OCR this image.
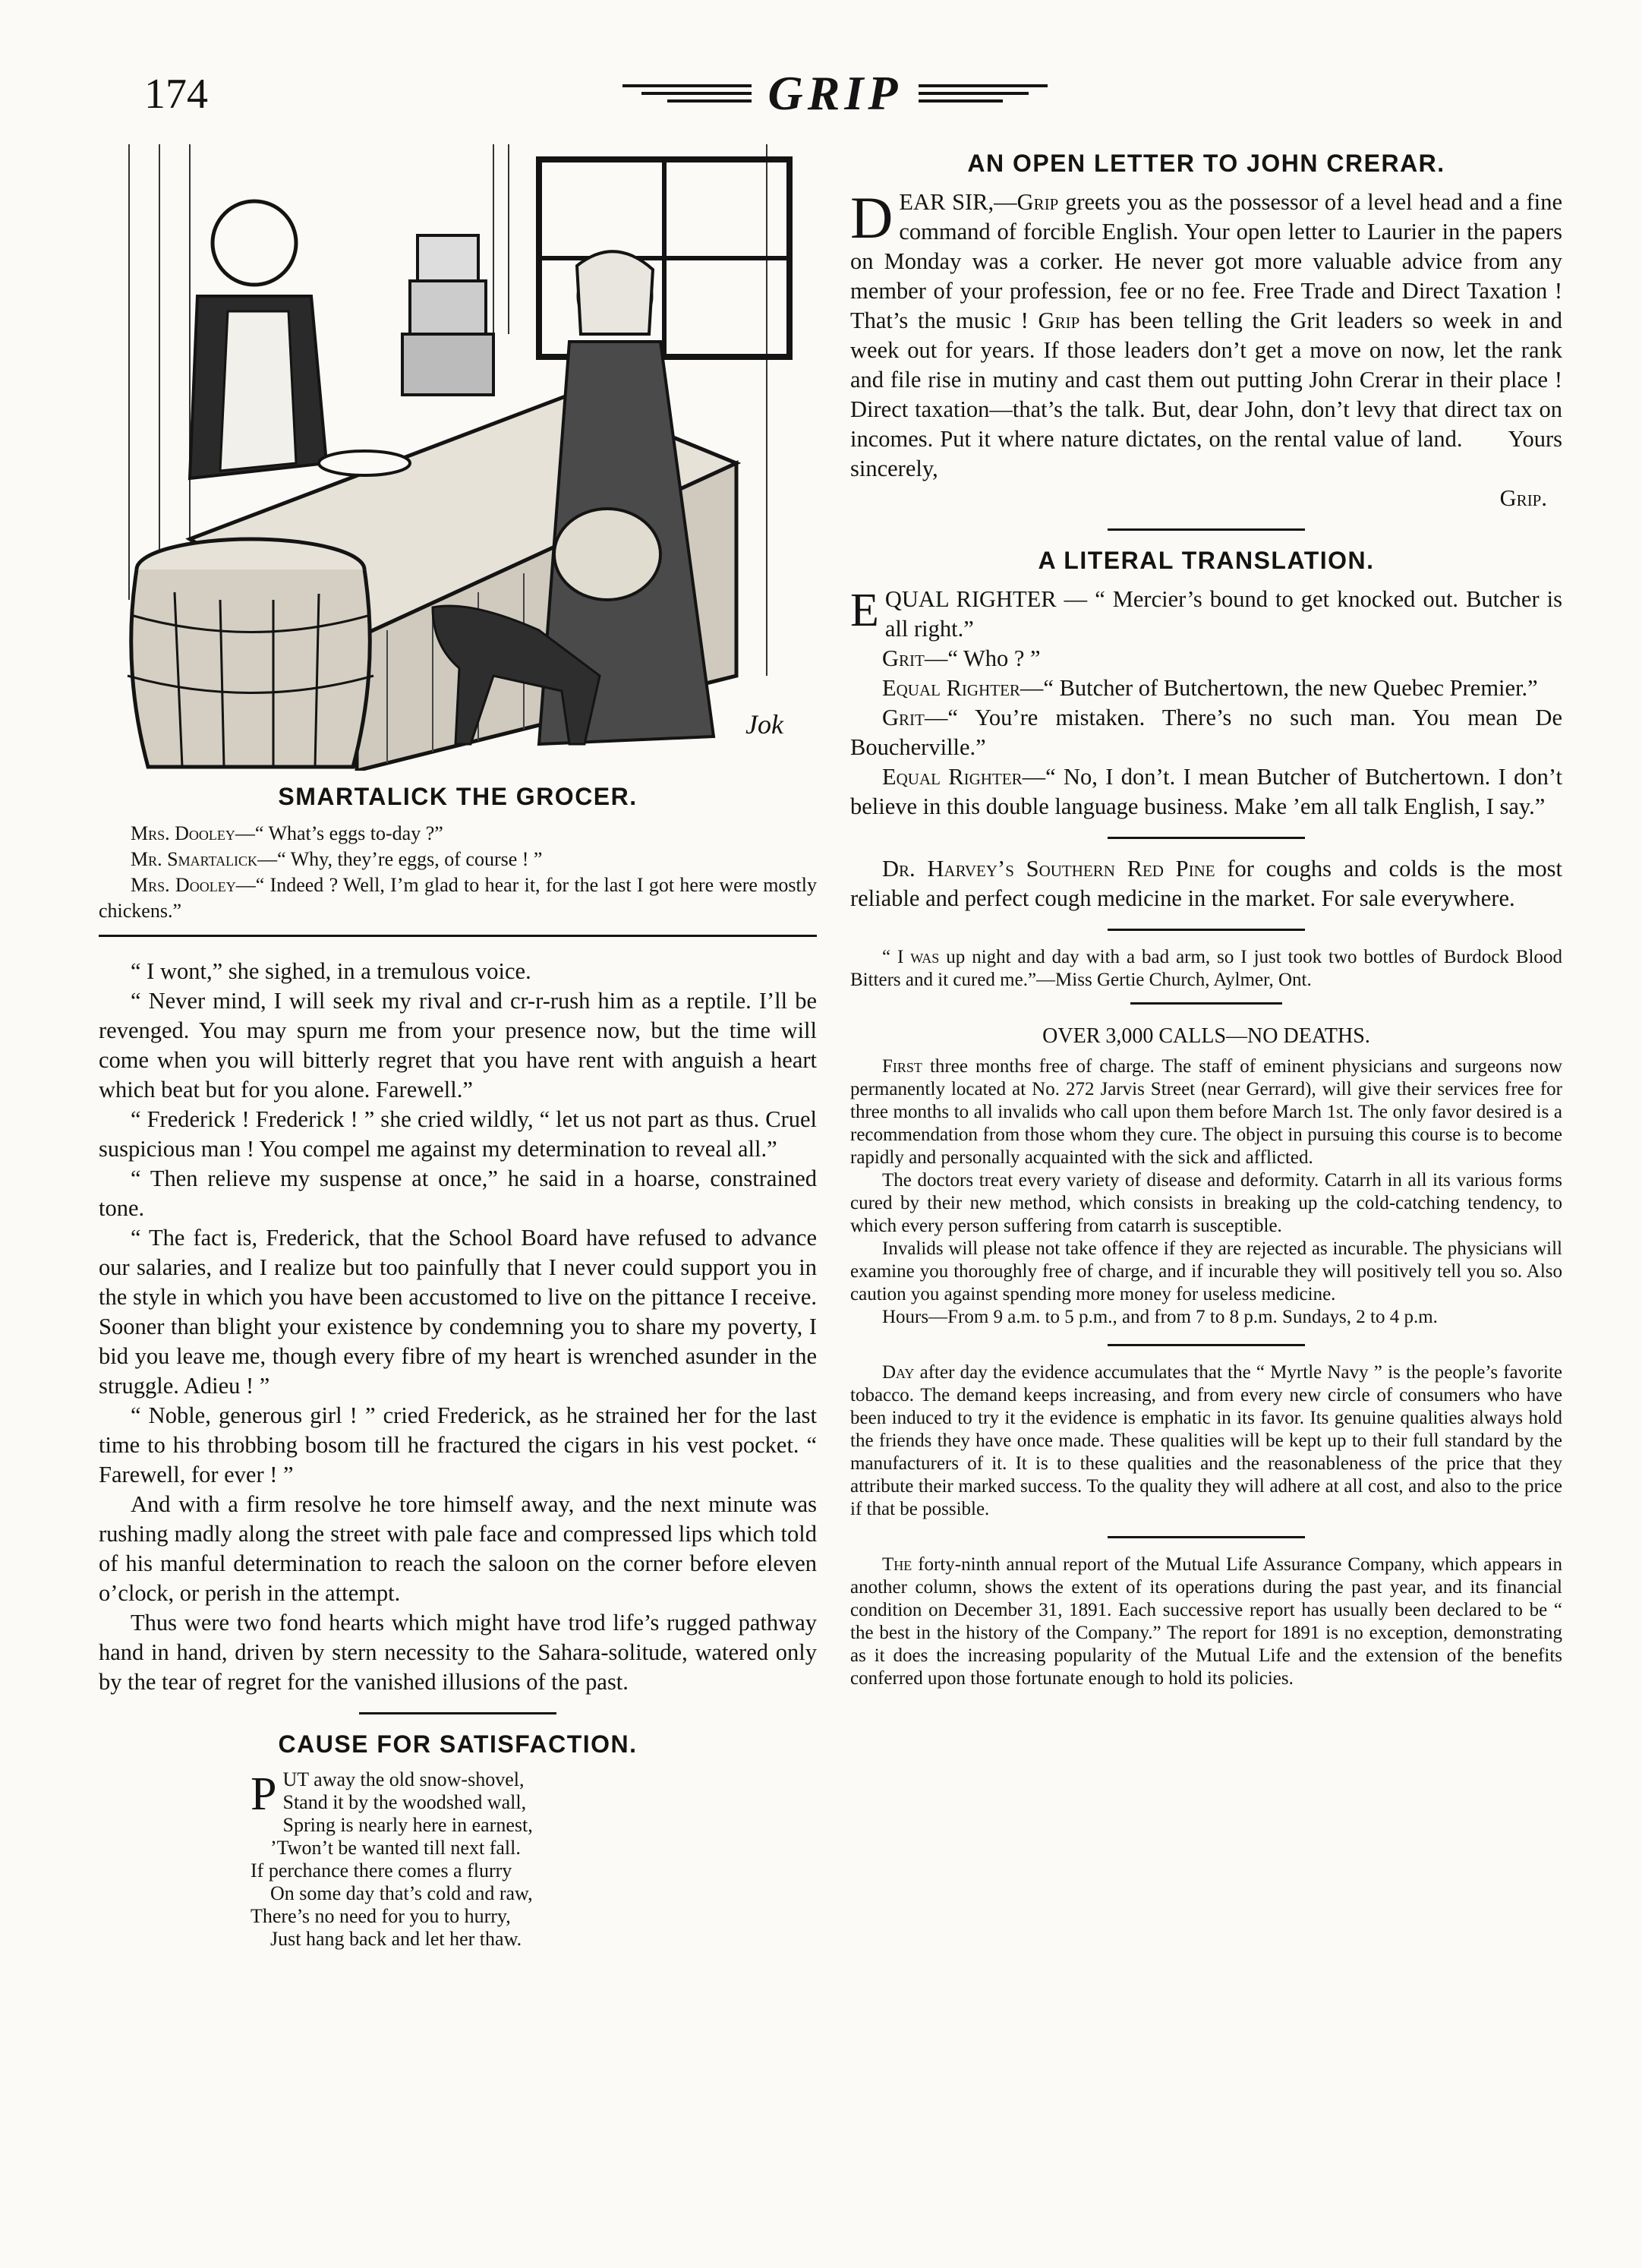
174	GRIP
Jok
SMARTALICK THE GROCER.

Mrs. Dooley—“ What’s eggs to-day ?”

Mr. Smartalick—“ Why, they’re eggs, of course ! ”

Mrs. Dooley—“ Indeed ? Well, I’m glad to hear it, for the last I got here were mostly chickens.”

“ I wont,” she sighed, in a tremulous voice.

“ Never mind, I will seek my rival and cr-r-rush him as a reptile. I’ll be revenged. You may spurn me from your presence now, but the time will come when you will bitterly regret that you have rent with anguish a heart which beat but for you alone. Farewell.”

“ Frederick ! Frederick ! ” she cried wildly, “ let us not part as thus. Cruel suspicious man ! You compel me against my determination to reveal all.”

“ Then relieve my suspense at once,” he said in a hoarse, constrained tone.

“ The fact is, Frederick, that the School Board have refused to advance our salaries, and I realize but too painfully that I never could support you in the style in which you have been accustomed to live on the pittance I receive. Sooner than blight your existence by condemning you to share my poverty, I bid you leave me, though every fibre of my heart is wrenched asunder in the struggle. Adieu ! ”

“ Noble, generous girl ! ” cried Frederick, as he strained her for the last time to his throbbing bosom till he fractured the cigars in his vest pocket. “ Farewell, for ever ! ”

And with a firm resolve he tore himself away, and the next minute was rushing madly along the street with pale face and compressed lips which told of his manful determination to reach the saloon on the corner before eleven o’clock, or perish in the attempt.

Thus were two fond hearts which might have trod life’s rugged pathway hand in hand, driven by stern necessity to the Sahara-solitude, watered only by the tear of regret for the vanished illusions of the past.

CAUSE FOR SATISFACTION.
P UT away the old snow-shovel,
Stand it by the woodshed wall,
Spring is nearly here in earnest,
’Twon’t be wanted till next fall.
If perchance there comes a flurry
On some day that’s cold and raw,
There’s no need for you to hurry,
Just hang back and let her thaw.
AN OPEN LETTER TO JOHN CRERAR.

DEAR SIR,—Grip greets you as the possessor of a level head and a fine command of forcible English. Your open letter to Laurier in the papers on Monday was a corker. He never got more valuable advice from any member of your profession, fee or no fee. Free Trade and Direct Taxation ! That’s the music ! Grip has been telling the Grit leaders so week in and week out for years. If those leaders don’t get a move on now, let the rank and file rise in mutiny and cast them out putting John Crerar in their place ! Direct taxation—that’s the talk. But, dear John, don’t levy that direct tax on incomes. Put it where nature dictates, on the rental value of land. Yours sincerely,

Grip.

A LITERAL TRANSLATION.

EQUAL RIGHTER — “ Mercier’s bound to get knocked out. Butcher is all right.”

Grit—“ Who ? ”

Equal Righter—“ Butcher of Butchertown, the new Quebec Premier.”

Grit—“ You’re mistaken. There’s no such man. You mean De Boucherville.”

Equal Righter—“ No, I don’t. I mean Butcher of Butchertown. I don’t believe in this double language business. Make ’em all talk English, I say.”

Dr. Harvey’s Southern Red Pine for coughs and colds is the most reliable and perfect cough medicine in the market. For sale everywhere.

“ I was up night and day with a bad arm, so I just took two bottles of Burdock Blood Bitters and it cured me.”—Miss Gertie Church, Aylmer, Ont.

OVER 3,000 CALLS—NO DEATHS.

First three months free of charge. The staff of eminent physicians and surgeons now permanently located at No. 272 Jarvis Street (near Gerrard), will give their services free for three months to all invalids who call upon them before March 1st. The only favor desired is a recommendation from those whom they cure. The object in pursuing this course is to become rapidly and personally acquainted with the sick and afflicted.

The doctors treat every variety of disease and deformity. Catarrh in all its various forms cured by their new method, which consists in breaking up the cold-catching tendency, to which every person suffering from catarrh is susceptible.

Invalids will please not take offence if they are rejected as incurable. The physicians will examine you thoroughly free of charge, and if incurable they will positively tell you so. Also caution you against spending more money for useless medicine.

Hours—From 9 a.m. to 5 p.m., and from 7 to 8 p.m. Sundays, 2 to 4 p.m.

Day after day the evidence accumulates that the “ Myrtle Navy ” is the people’s favorite tobacco. The demand keeps increasing, and from every new circle of consumers who have been induced to try it the evidence is emphatic in its favor. Its genuine qualities always hold the friends they have once made. These qualities will be kept up to their full standard by the manufacturers of it. It is to these qualities and the reasonableness of the price that they attribute their marked success. To the quality they will adhere at all cost, and also to the price if that be possible.

The forty-ninth annual report of the Mutual Life Assurance Company, which appears in another column, shows the extent of its operations during the past year, and its financial condition on December 31, 1891. Each successive report has usually been declared to be “ the best in the history of the Company.” The report for 1891 is no exception, demonstrating as it does the increasing popularity of the Mutual Life and the extension of the benefits conferred upon those fortunate enough to hold its policies.
